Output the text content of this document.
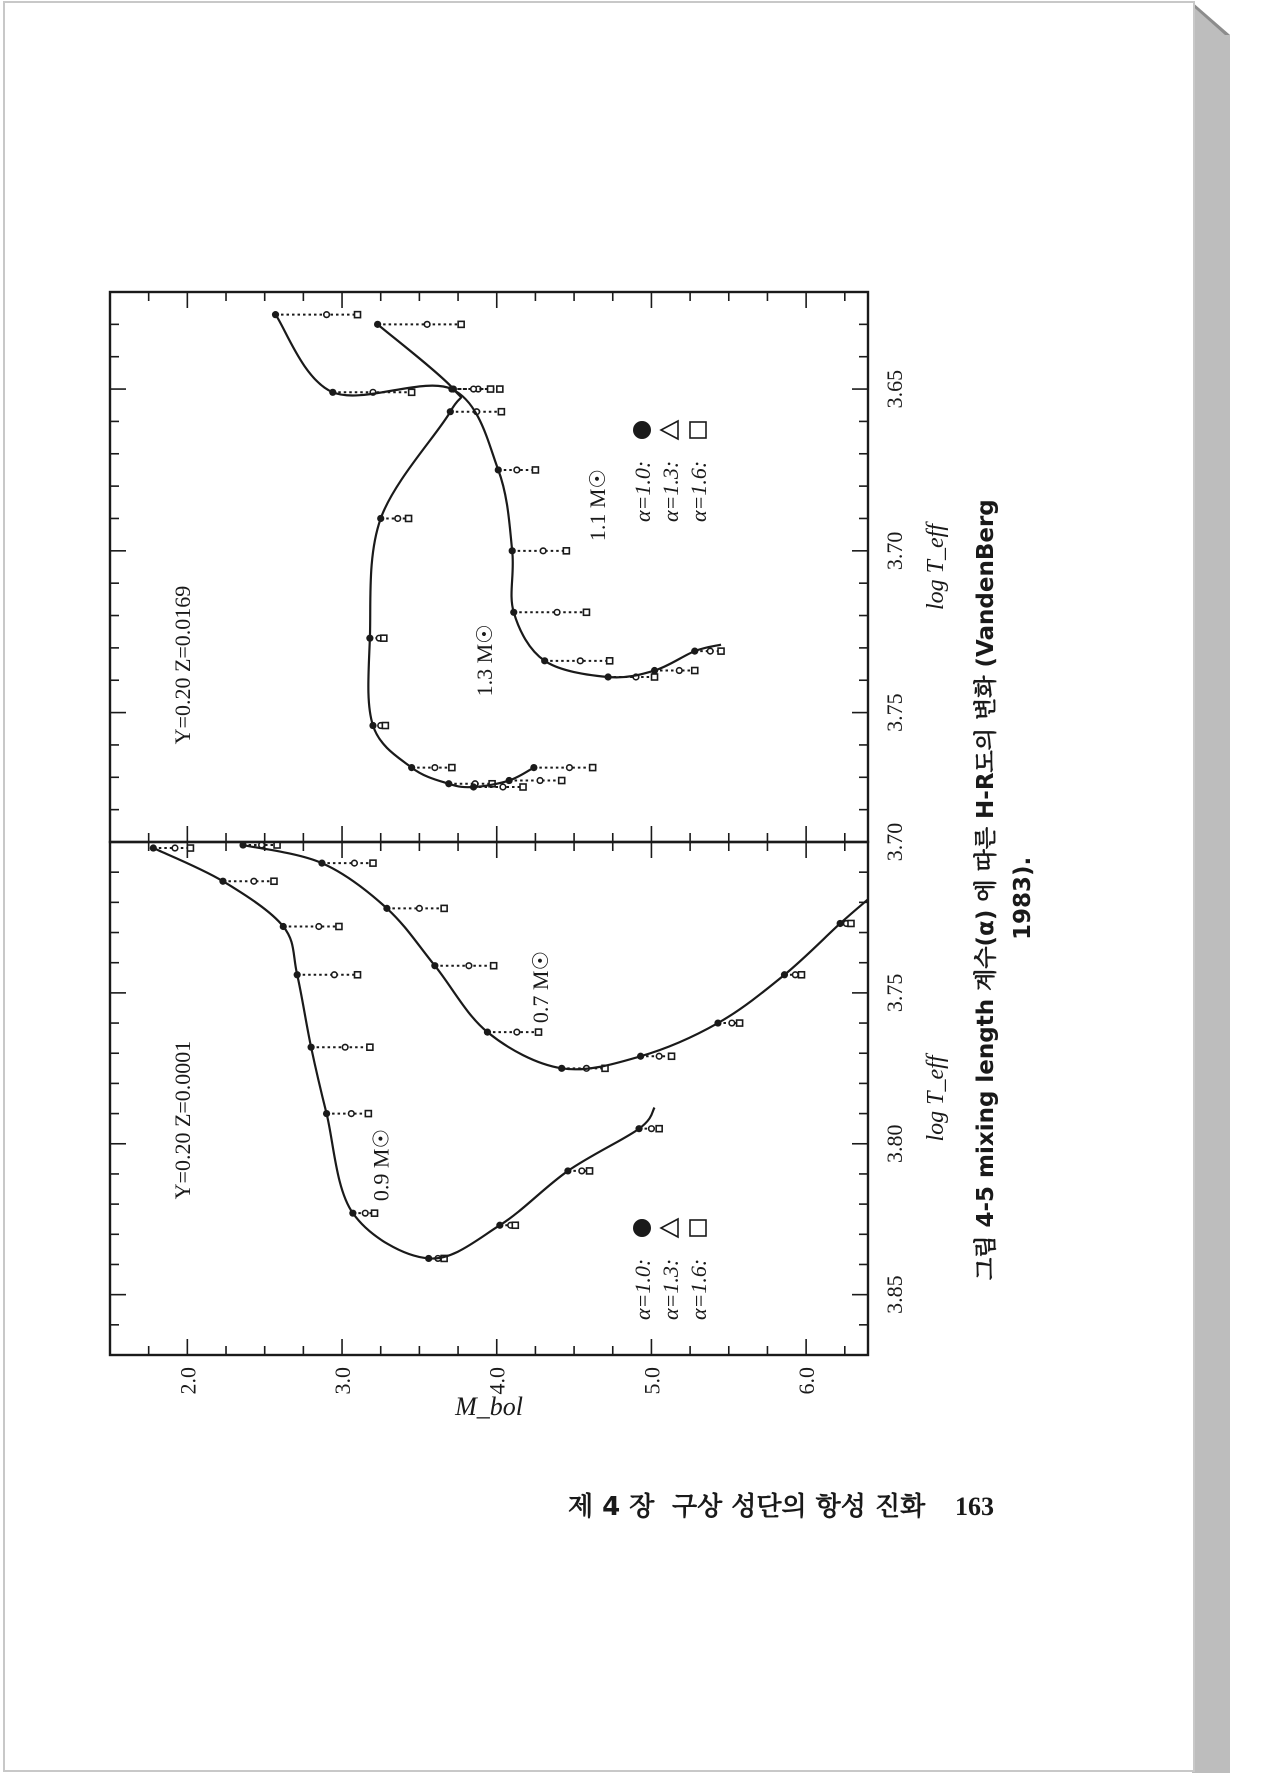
3.70
3.75
3.80
3.85
log T_eff
2.0	3.0	4.0	5.0	6.0
M_bol
Y=0.20 Z=0.0001	0.9 M☉
0.7 M☉
α=1.0: α=1.3: α=1.6:
3.65
3.70
3.75
log T_eff
Y=0.20 Z=0.0169	1.3 M☉
1.1 M☉ α=1.0: α=1.3: α=1.6:
그림 4-5 mixing length 계수(α) 에 따른 H-R도의 변화 (VandenBerg 1983).
제 4 장 구상 성단의 항성 진화 163
